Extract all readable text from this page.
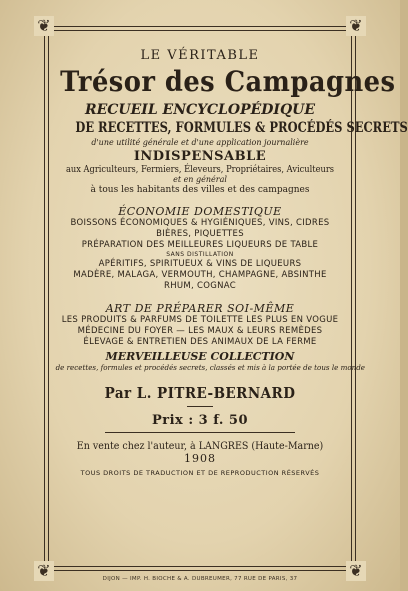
❦	❦
❦	❦
LE VÉRITABLE
Trésor des Campagnes
RECUEIL ENCYCLOPÉDIQUE
DE RECETTES, FORMULES & PROCÉDÉS SECRETS
d'une utilité générale et d'une application journalière
INDISPENSABLE
aux Agriculteurs, Fermiers, Éleveurs, Propriétaires, Aviculteurs
et en général
à tous les habitants des villes et des campagnes
ÉCONOMIE DOMESTIQUE
BOISSONS ÉCONOMIQUES & HYGIÉNIQUES, VINS, CIDRES
BIÈRES, PIQUETTES
PRÉPARATION DES MEILLEURES LIQUEURS DE TABLE
SANS DISTILLATION
APÉRITIFS, SPIRITUEUX & VINS DE LIQUEURS
MADÈRE, MALAGA, VERMOUTH, CHAMPAGNE, ABSINTHE
RHUM, COGNAC
ART DE PRÉPARER SOI-MÊME
LES PRODUITS & PARFUMS DE TOILETTE LES PLUS EN VOGUE
MÉDECINE DU FOYER — LES MAUX & LEURS REMÈDES
ÉLEVAGE & ENTRETIEN DES ANIMAUX DE LA FERME
MERVEILLEUSE COLLECTION
de recettes, formules et procédés secrets, classés et mis à la portée de tous le monde
Par L. PITRE-BERNARD
Prix : 3 f. 50
En vente chez l'auteur, à LANGRES (Haute-Marne)
1908
TOUS DROITS DE TRADUCTION ET DE REPRODUCTION RÉSERVÉS
DIJON — IMP. H. BIOCHE & A. DUBREUMER, 77 RUE DE PARIS, 37
